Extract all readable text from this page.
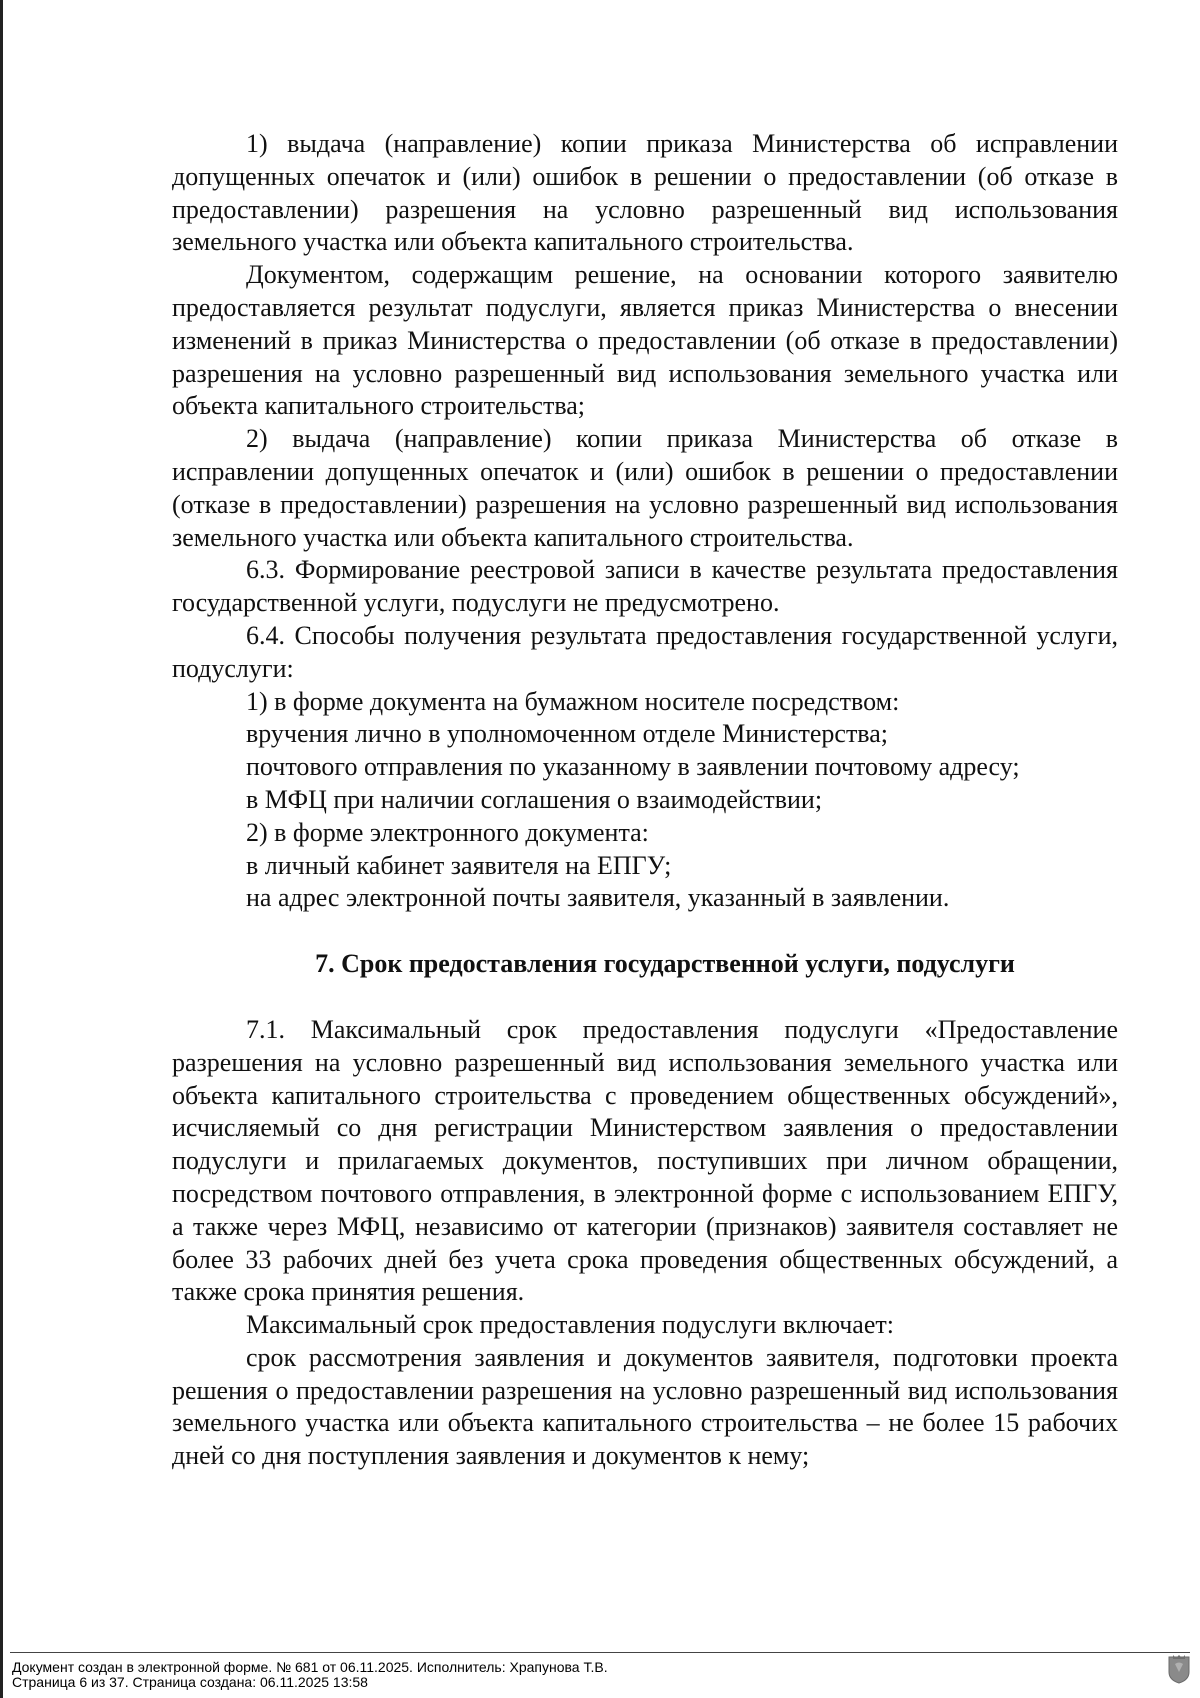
1) выдача (направление) копии приказа Министерства об исправлении допущенных опечаток и (или) ошибок в решении о предоставлении (об отказе в предоставлении) разрешения на условно разрешенный вид использования земельного участка или объекта капитального строительства.

Документом, содержащим решение, на основании которого заявителю предоставляется результат подуслуги, является приказ Министерства о внесении изменений в приказ Министерства о предоставлении (об отказе в предоставлении) разрешения на условно разрешенный вид использования земельного участка или объекта капитального строительства;

2) выдача (направление) копии приказа Министерства об отказе в исправлении допущенных опечаток и (или) ошибок в решении о предоставлении (отказе в предоставлении) разрешения на условно разрешенный вид использования земельного участка или объекта капитального строительства.

6.3. Формирование реестровой записи в качестве результата предоставления государственной услуги, подуслуги не предусмотрено.

6.4. Способы получения результата предоставления государственной услуги, подуслуги:

1) в форме документа на бумажном носителе посредством:

вручения лично в уполномоченном отделе Министерства;

почтового отправления по указанному в заявлении почтовому адресу;

в МФЦ при наличии соглашения о взаимодействии;

2) в форме электронного документа:

в личный кабинет заявителя на ЕПГУ;

на адрес электронной почты заявителя, указанный в заявлении.

7. Срок предоставления государственной услуги, подуслуги

7.1. Максимальный срок предоставления подуслуги «Предоставление разрешения на условно разрешенный вид использования земельного участка или объекта капитального строительства с проведением общественных обсуждений», исчисляемый со дня регистрации Министерством заявления о предоставлении подуслуги и прилагаемых документов, поступивших при личном обращении, посредством почтового отправления, в электронной форме с использованием ЕПГУ, а также через МФЦ, независимо от категории (признаков) заявителя составляет не более 33 рабочих дней без учета срока проведения общественных обсуждений, а также срока принятия решения.

Максимальный срок предоставления подуслуги включает:

срок рассмотрения заявления и документов заявителя, подготовки проекта решения о предоставлении разрешения на условно разрешенный вид использования земельного участка или объекта капитального строительства – не более 15 рабочих дней со дня поступления заявления и документов к нему;

Документ создан в электронной форме. № 681 от 06.11.2025. Исполнитель: Храпунова Т.В.
Страница 6 из 37. Страница создана: 06.11.2025 13:58
